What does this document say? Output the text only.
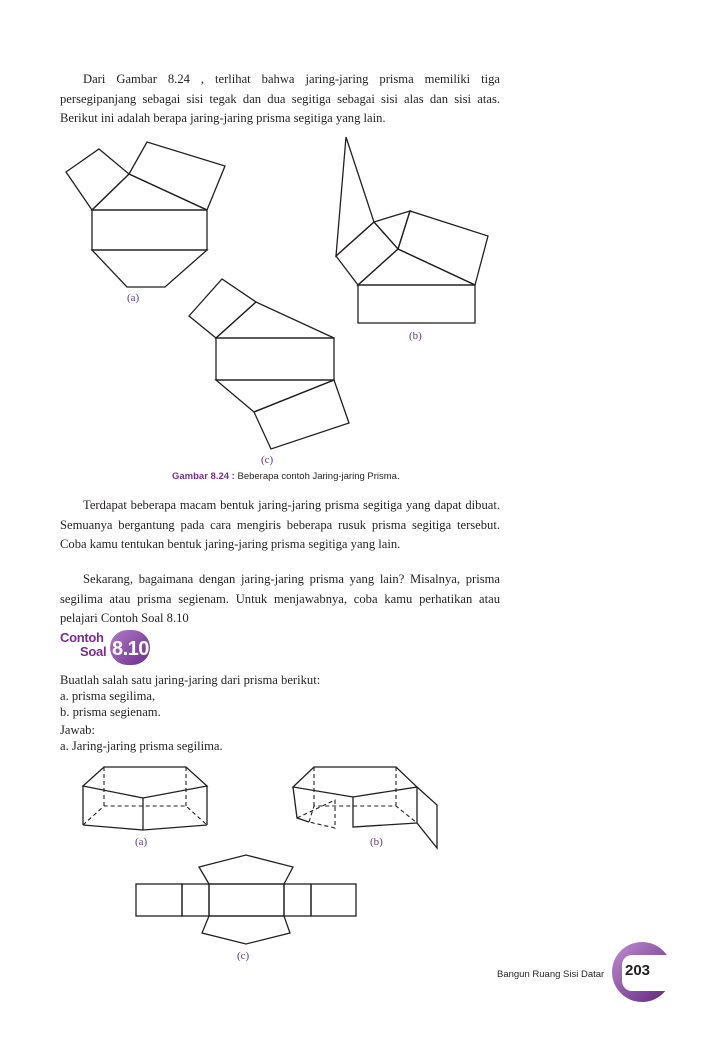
Dari Gambar 8.24 , terlihat bahwa jaring-jaring prisma memiliki tiga persegipanjang sebagai sisi tegak dan dua segitiga sebagai sisi alas dan sisi atas. Berikut ini adalah berapa jaring-jaring prisma segitiga yang lain.

(a)
(b)
(c)
Gambar 8.24 : Beberapa contoh Jaring-jaring Prisma.

Terdapat beberapa macam bentuk jaring-jaring prisma segitiga yang dapat dibuat. Semuanya bergantung pada cara mengiris beberapa rusuk prisma segitiga tersebut. Coba kamu tentukan bentuk jaring-jaring prisma segitiga yang lain.

Sekarang, bagaimana dengan jaring-jaring prisma yang lain? Misalnya, prisma segilima atau prisma segienam. Untuk menjawabnya, coba kamu perhatikan atau pelajari Contoh Soal 8.10

Contoh
Soal 8.10
Buatlah salah satu jaring-jaring dari prisma berikut:
a. prisma segilima,
b. prisma segienam.
Jawab:
a. Jaring-jaring prisma segilima.
(a)	(b)
(c)
Bangun Ruang Sisi Datar 203
